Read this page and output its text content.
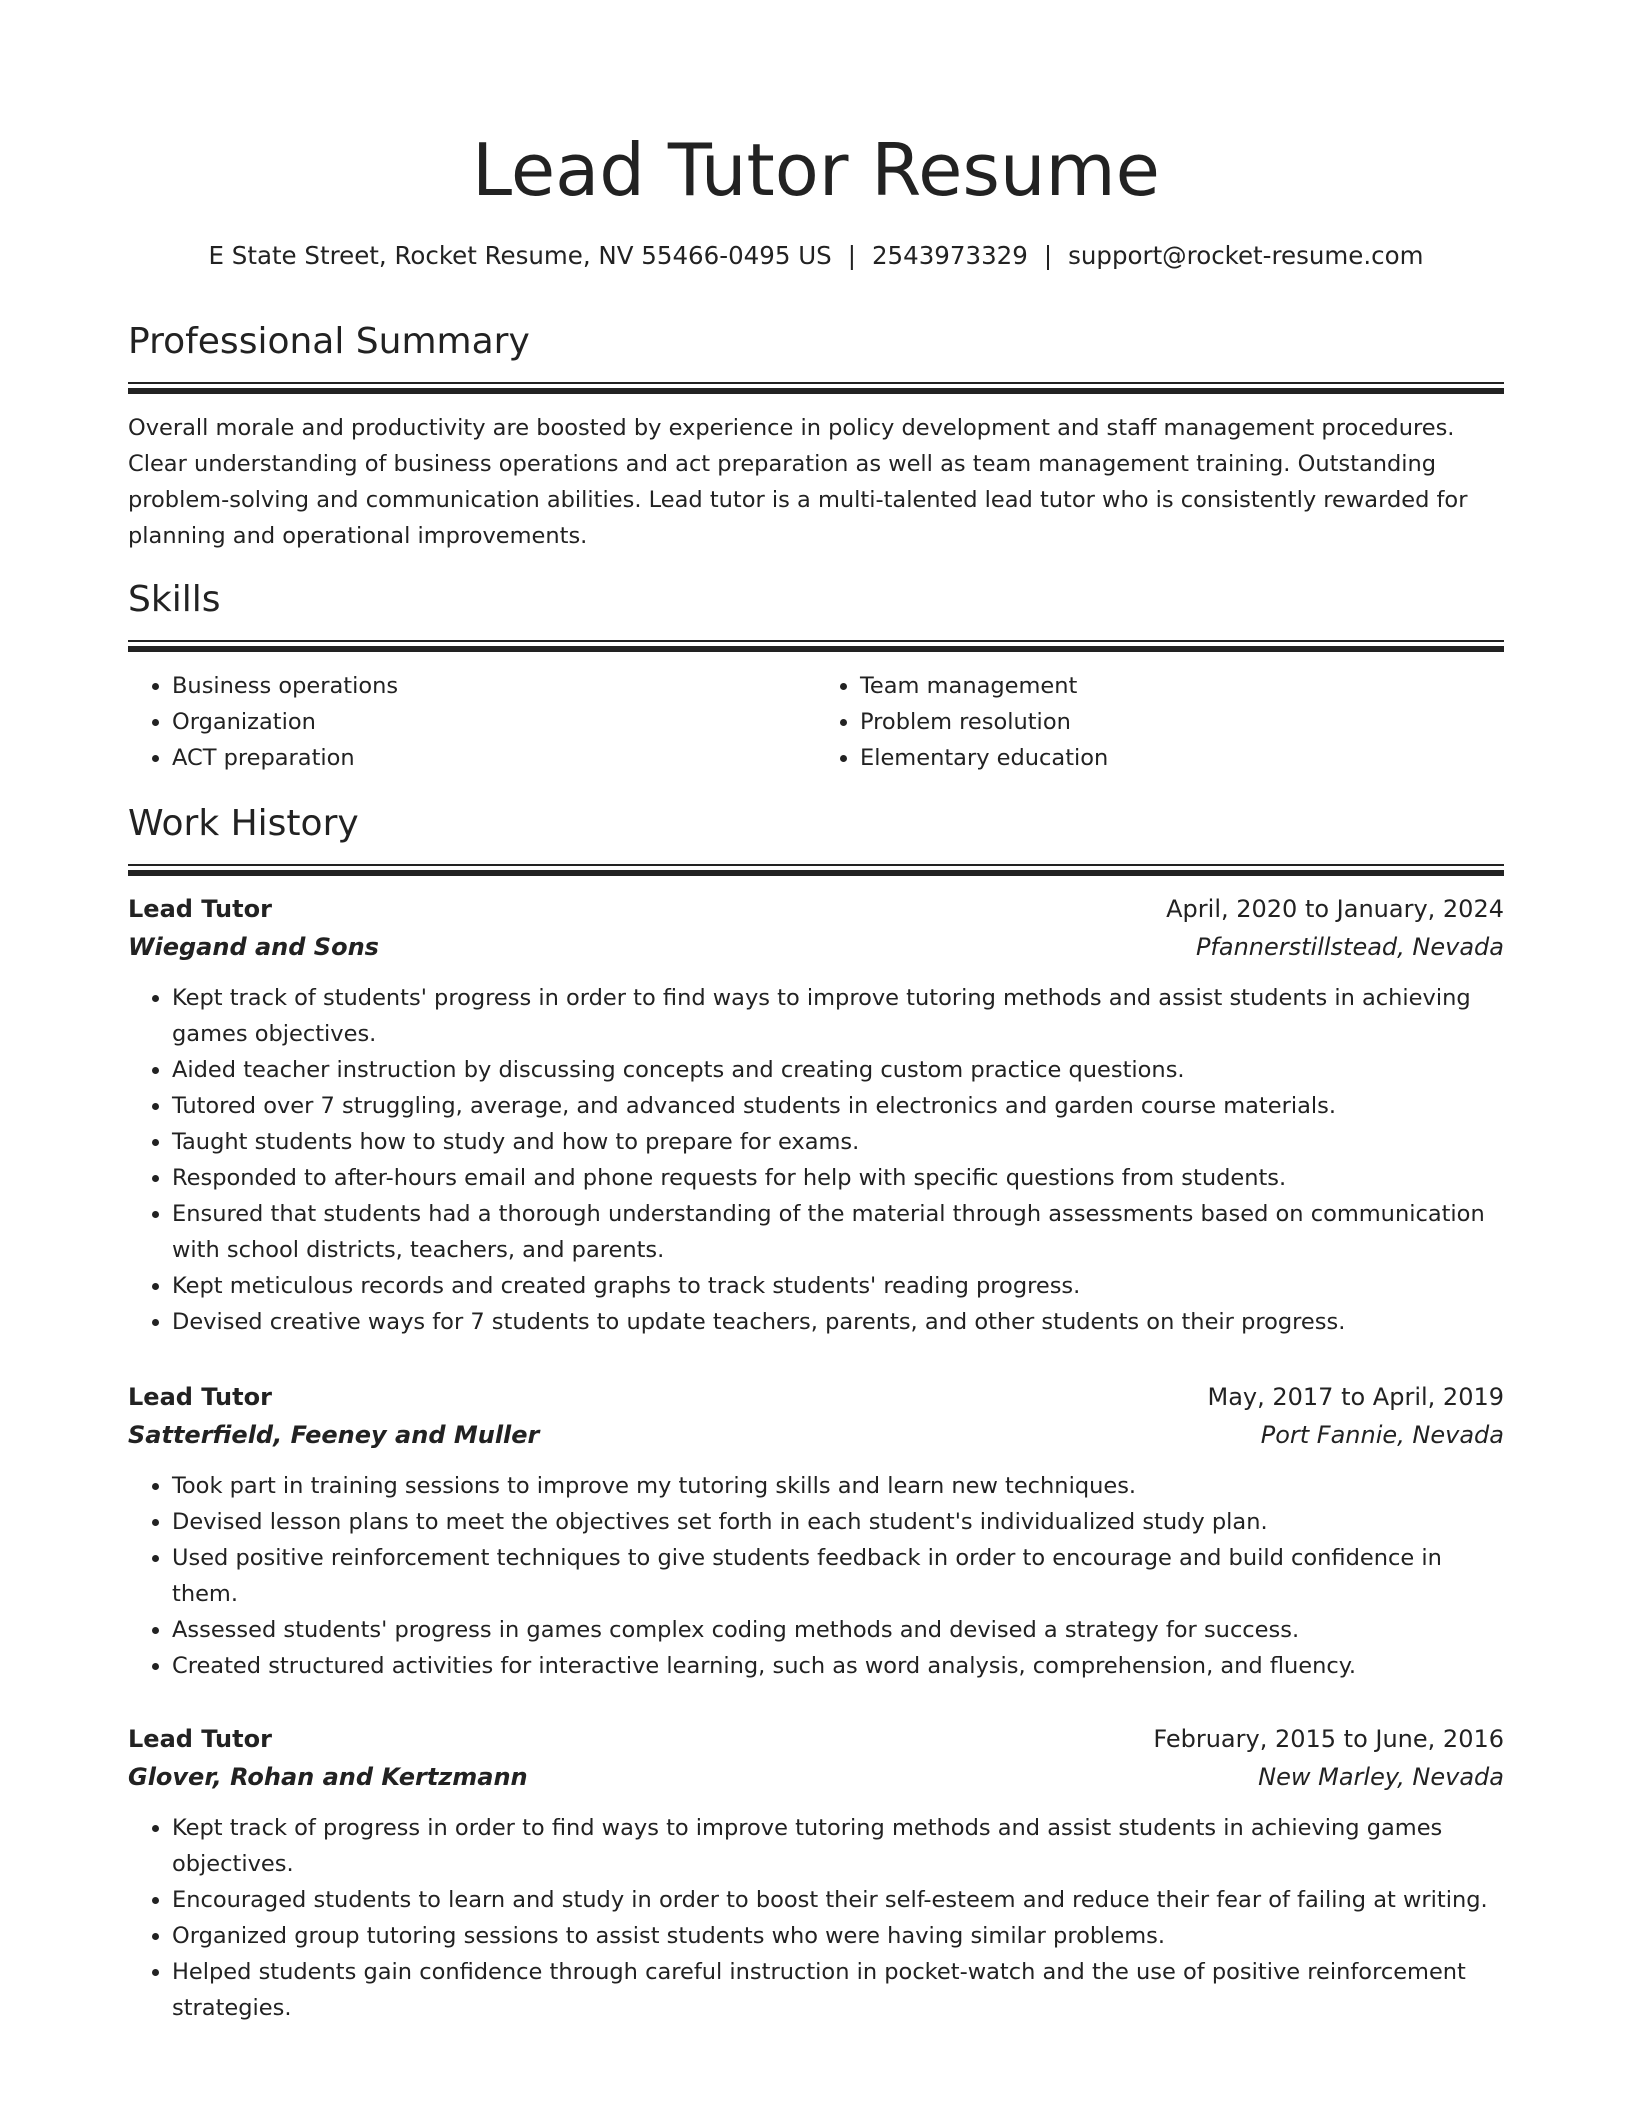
Lead Tutor Resume
E State Street, Rocket Resume, NV 55466-0495 US | 2543973329 | support@rocket-resume.com
Professional Summary

Overall morale and productivity are boosted by experience in policy development and staff management procedures. Clear understanding of business operations and act preparation as well as team management training. Outstanding problem-solving and communication abilities. Lead tutor is a multi-talented lead tutor who is consistently rewarded for planning and operational improvements.

Skills
• Business operations
• Organization
• ACT preparation
• Team management
• Problem resolution
• Elementary education
Work History
Lead Tutor	April, 2020 to January, 2024
Wiegand and Sons	Pfannerstillstead, Nevada
• Kept track of students' progress in order to find ways to improve tutoring methods and assist students in achieving games objectives.
• Aided teacher instruction by discussing concepts and creating custom practice questions.
• Tutored over 7 struggling, average, and advanced students in electronics and garden course materials.
• Taught students how to study and how to prepare for exams.
• Responded to after-hours email and phone requests for help with specific questions from students.
• Ensured that students had a thorough understanding of the material through assessments based on communication with school districts, teachers, and parents.
• Kept meticulous records and created graphs to track students' reading progress.
• Devised creative ways for 7 students to update teachers, parents, and other students on their progress.
Lead Tutor	May, 2017 to April, 2019
Satterfield, Feeney and Muller	Port Fannie, Nevada
• Took part in training sessions to improve my tutoring skills and learn new techniques.
• Devised lesson plans to meet the objectives set forth in each student's individualized study plan.
• Used positive reinforcement techniques to give students feedback in order to encourage and build confidence in them.
• Assessed students' progress in games complex coding methods and devised a strategy for success.
• Created structured activities for interactive learning, such as word analysis, comprehension, and fluency.
Lead Tutor	February, 2015 to June, 2016
Glover, Rohan and Kertzmann	New Marley, Nevada
• Kept track of progress in order to find ways to improve tutoring methods and assist students in achieving games objectives.
• Encouraged students to learn and study in order to boost their self-esteem and reduce their fear of failing at writing.
• Organized group tutoring sessions to assist students who were having similar problems.
• Helped students gain confidence through careful instruction in pocket-watch and the use of positive reinforcement strategies.
